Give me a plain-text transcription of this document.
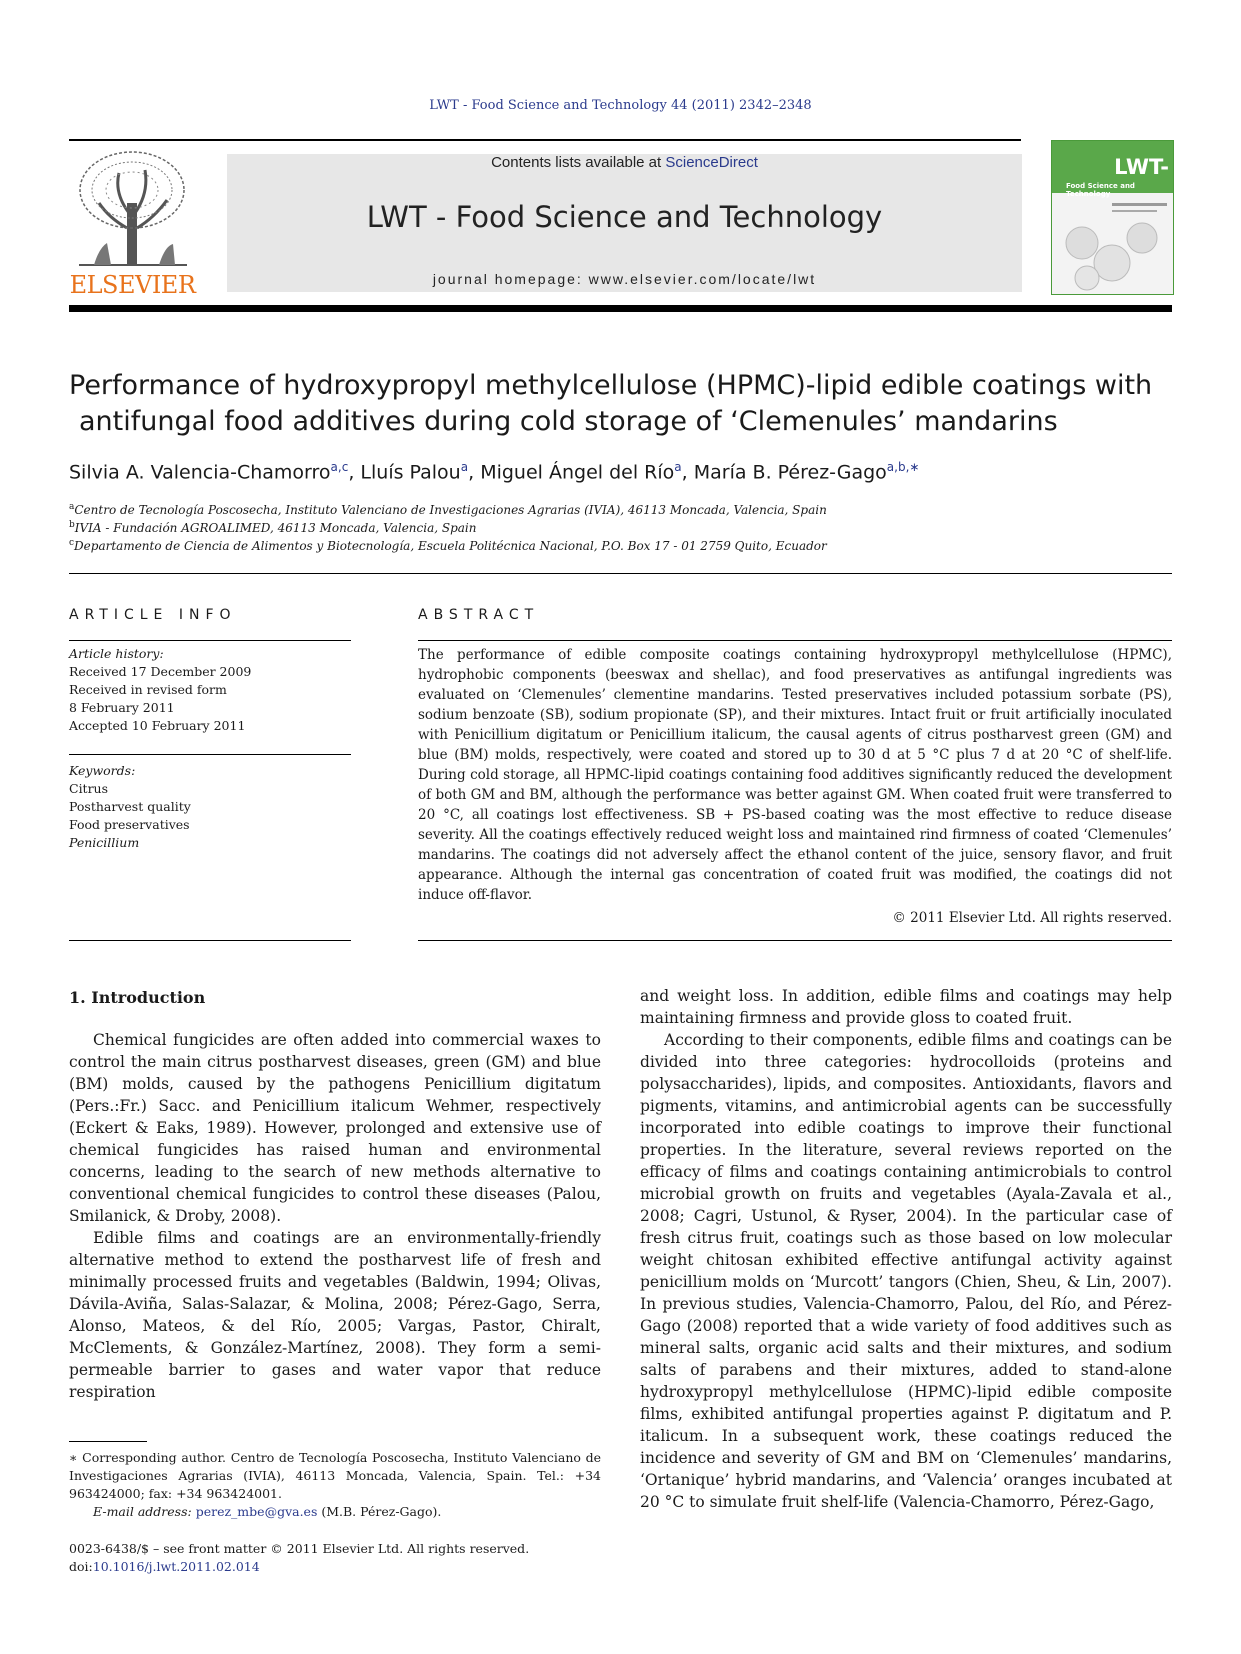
LWT - Food Science and Technology 44 (2011) 2342–2348
ELSEVIER
Contents lists available at ScienceDirect
LWT - Food Science and Technology
journal homepage: www.elsevier.com/locate/lwt
LWT-
Food Science and Technology
Performance of hydroxypropyl methylcellulose (HPMC)-lipid edible coatings with
antifungal food additives during cold storage of ‘Clemenules’ mandarins
Silvia A. Valencia-Chamorro$^{a,c}$, Lluís Palou$^a$, Miguel Ángel del Río$^a$, María B. Pérez-Gago$^{a,b,∗}$
$^a$Centro de Tecnología Poscosecha, Instituto Valenciano de Investigaciones Agrarias (IVIA), 46113 Moncada, Valencia, Spain
$^b$IVIA - Fundación AGROALIMED, 46113 Moncada, Valencia, Spain
$^c$Departamento de Ciencia de Alimentos y Biotecnología, Escuela Politécnica Nacional, P.O. Box 17 - 01 2759 Quito, Ecuador
ARTICLE INFO
Article history:
Received 17 December 2009
Received in revised form
8 February 2011
Accepted 10 February 2011
Keywords:
Citrus
Postharvest quality
Food preservatives
Penicillium
ABSTRACT
The performance of edible composite coatings containing hydroxypropyl methylcellulose (HPMC), hydrophobic components (beeswax and shellac), and food preservatives as antifungal ingredients was evaluated on ‘Clemenules’ clementine mandarins. Tested preservatives included potassium sorbate (PS), sodium benzoate (SB), sodium propionate (SP), and their mixtures. Intact fruit or fruit artificially inoculated with Penicillium digitatum or Penicillium italicum, the causal agents of citrus postharvest green (GM) and blue (BM) molds, respectively, were coated and stored up to 30 d at 5 °C plus 7 d at 20 °C of shelf-life. During cold storage, all HPMC-lipid coatings containing food additives significantly reduced the development of both GM and BM, although the performance was better against GM. When coated fruit were transferred to 20 °C, all coatings lost effectiveness. SB + PS-based coating was the most effective to reduce disease severity. All the coatings effectively reduced weight loss and maintained rind firmness of coated ‘Clemenules’ mandarins. The coatings did not adversely affect the ethanol content of the juice, sensory flavor, and fruit appearance. Although the internal gas concentration of coated fruit was modified, the coatings did not induce off-flavor.
© 2011 Elsevier Ltd. All rights reserved.
1. Introduction

Chemical fungicides are often added into commercial waxes to control the main citrus postharvest diseases, green (GM) and blue (BM) molds, caused by the pathogens Penicillium digitatum (Pers.:Fr.) Sacc. and Penicillium italicum Wehmer, respectively (Eckert & Eaks, 1989). However, prolonged and extensive use of chemical fungicides has raised human and environmental concerns, leading to the search of new methods alternative to conventional chemical fungicides to control these diseases (Palou, Smilanick, & Droby, 2008).

Edible films and coatings are an environmentally-friendly alternative method to extend the postharvest life of fresh and minimally processed fruits and vegetables (Baldwin, 1994; Olivas, Dávila-Aviña, Salas-Salazar, & Molina, 2008; Pérez-Gago, Serra, Alonso, Mateos, & del Río, 2005; Vargas, Pastor, Chiralt, McClements, & González-Martínez, 2008). They form a semi-permeable barrier to gases and water vapor that reduce respiration

and weight loss. In addition, edible films and coatings may help maintaining firmness and provide gloss to coated fruit.

According to their components, edible films and coatings can be divided into three categories: hydrocolloids (proteins and polysaccharides), lipids, and composites. Antioxidants, flavors and pigments, vitamins, and antimicrobial agents can be successfully incorporated into edible coatings to improve their functional properties. In the literature, several reviews reported on the efficacy of films and coatings containing antimicrobials to control microbial growth on fruits and vegetables (Ayala-Zavala et al., 2008; Cagri, Ustunol, & Ryser, 2004). In the particular case of fresh citrus fruit, coatings such as those based on low molecular weight chitosan exhibited effective antifungal activity against penicillium molds on ‘Murcott’ tangors (Chien, Sheu, & Lin, 2007). In previous studies, Valencia-Chamorro, Palou, del Río, and Pérez-Gago (2008) reported that a wide variety of food additives such as mineral salts, organic acid salts and their mixtures, and sodium salts of parabens and their mixtures, added to stand-alone hydroxypropyl methylcellulose (HPMC)-lipid edible composite films, exhibited antifungal properties against P. digitatum and P. italicum. In a subsequent work, these coatings reduced the incidence and severity of GM and BM on ‘Clemenules’ mandarins, ‘Ortanique’ hybrid mandarins, and ‘Valencia’ oranges incubated at 20 °C to simulate fruit shelf-life (Valencia-Chamorro, Pérez-Gago,

∗ Corresponding author. Centro de Tecnología Poscosecha, Instituto Valenciano de Investigaciones Agrarias (IVIA), 46113 Moncada, Valencia, Spain. Tel.: +34 963424000; fax: +34 963424001.
E-mail address: perez_mbe@gva.es (M.B. Pérez-Gago).
0023-6438/$ – see front matter © 2011 Elsevier Ltd. All rights reserved.
doi:10.1016/j.lwt.2011.02.014
